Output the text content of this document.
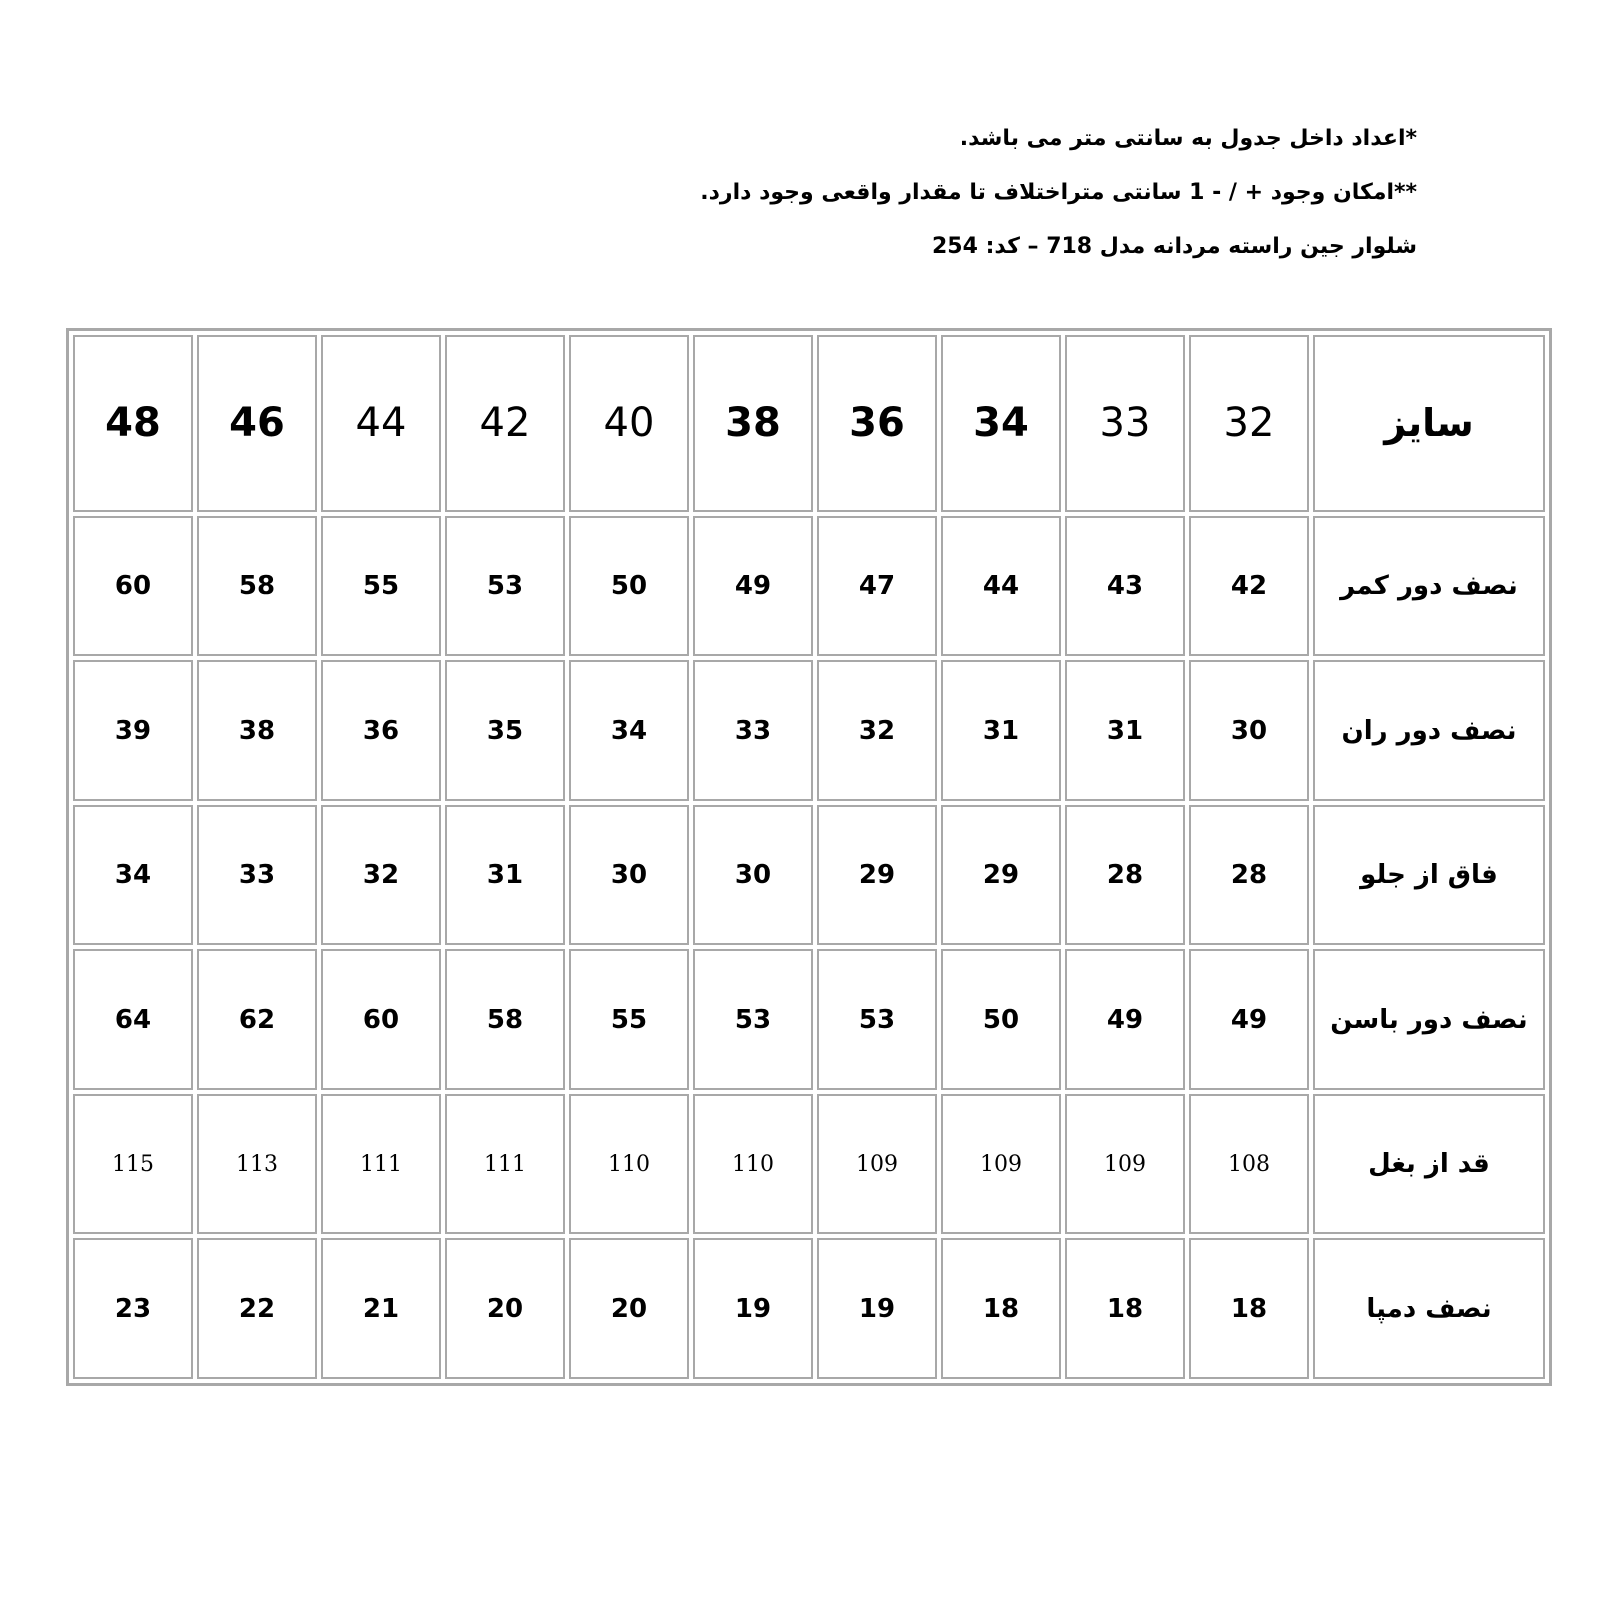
*اعداد داخل جدول به سانتی متر می باشد.
**امکان وجود + / - 1 سانتی متراختلاف تا مقدار واقعی وجود دارد.
شلوار جین راسته مردانه مدل 718 – کد: 254
سایز	32	33	34	36	38	40	42	44	46	48
نصف دور کمر	42	43	44	47	49	50	53	55	58	60
نصف دور ران	30	31	31	32	33	34	35	36	38	39
فاق از جلو	28	28	29	29	30	30	31	32	33	34
نصف دور باسن	49	49	50	53	53	55	58	60	62	64
قد از بغل	108	109	109	109	110	110	111	111	113	115
نصف دمپا	18	18	18	19	19	20	20	21	22	23
